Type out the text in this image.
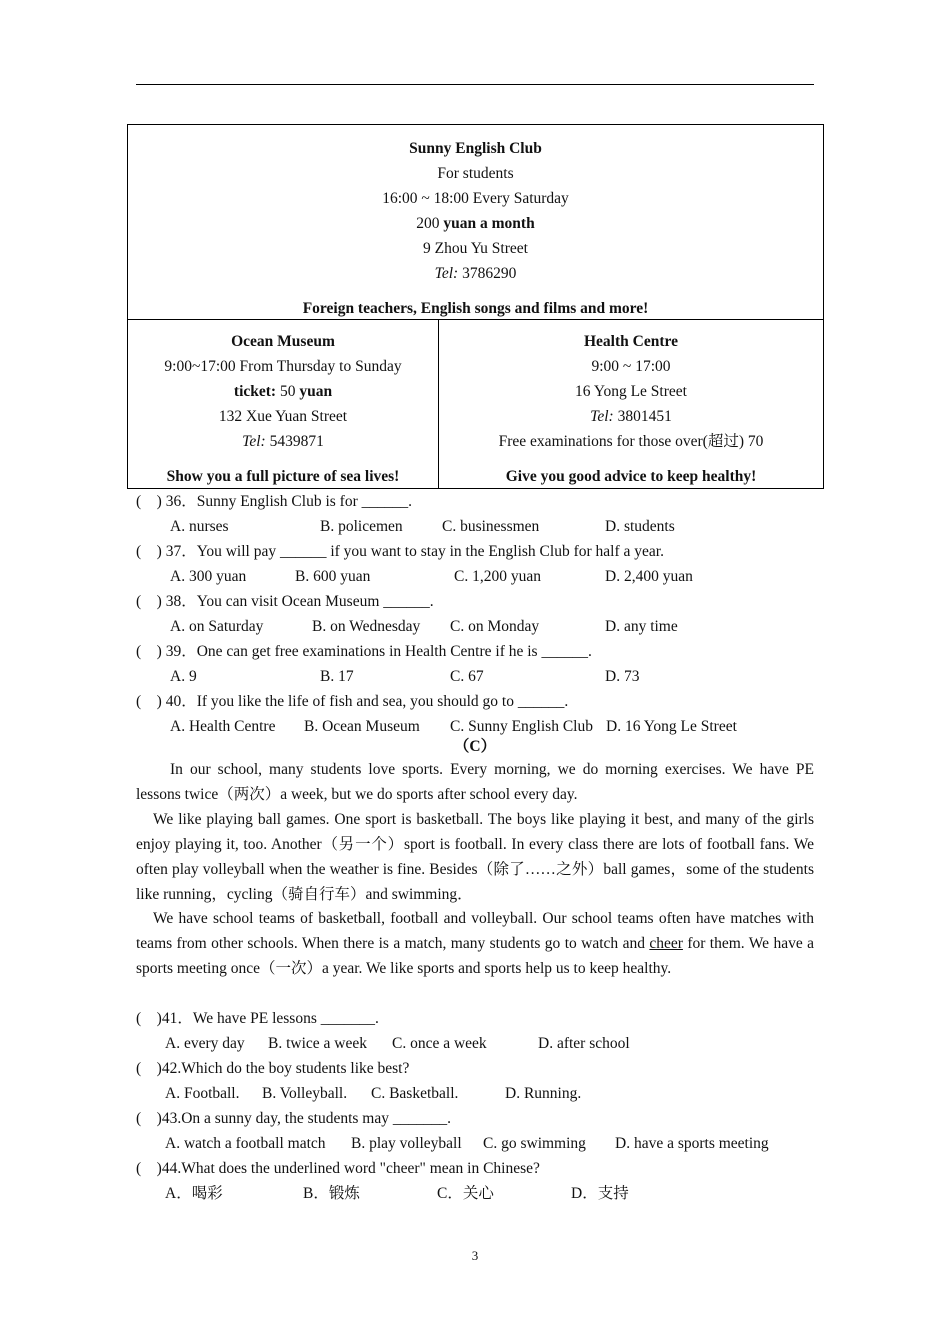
Sunny English Club
For students
16:00 ~ 18:00 Every Saturday
200 yuan a month
9 Zhou Yu Street
Tel: 3786290
Foreign teachers, English songs and films and more!
Ocean Museum
9:00~17:00 From Thursday to Sunday
ticket: 50 yuan
132 Xue Yuan Street
Tel: 5439871
Show you a full picture of sea lives!
Health Centre
9:00 ~ 17:00
16 Yong Le Street
Tel: 3801451
Free examinations for those over(超过) 70
Give you good advice to keep healthy!
(    ) 36．Sunny English Club is for ______.
A. nurses	B. policemen	C. businessmen	D. students
(    ) 37．You will pay ______ if you want to stay in the English Club for half a year.
A. 300 yuan	B. 600 yuan	C. 1,200 yuan	D. 2,400 yuan
(    ) 38．You can visit Ocean Museum ______.
A. on Saturday	B. on Wednesday C. on Monday	D. any time
(    ) 39．One can get free examinations in Health Centre if he is ______.
A. 9	B. 17	C. 67	D. 73
(    ) 40．If you like the life of fish and sea, you should go to ______.
A. Health Centre B. Ocean Museum C. Sunny English Club D. 16 Yong Le Street
（C）
In our school, many students love sports. Every morning, we do morning exercises. We have PE lessons twice（两次）a week, but we do sports after school every day.
We like playing ball games. One sport is basketball. The boys like playing it best, and many of the girls enjoy playing it, too. Another（另一个）sport is football. In every class there are lots of football fans. We often play volleyball when the weather is fine. Besides（除了……之外）ball games，some of the students like running，cycling（骑自行车）and swimming．
We have school teams of basketball, football and volleyball. Our school teams often have matches with teams from other schools. When there is a match, many students go to watch and cheer for them. We have a sports meeting once（一次）a year. We like sports and sports help us to keep healthy.
(    )41．We have PE lessons _______.
A. every day B. twice a week C. once a week	D. after school
(    )42.Which do the boy students like best?
A. Football. B. Volleyball. C. Basketball.	D. Running.
(    )43.On a sunny day, the students may _______.
A. watch a football match B. play volleyball C. go swimming D. have a sports meeting
(    )44.What does the underlined word "cheer" mean in Chinese?
A．喝彩	B．锻炼	C．关心	D．支持
3
